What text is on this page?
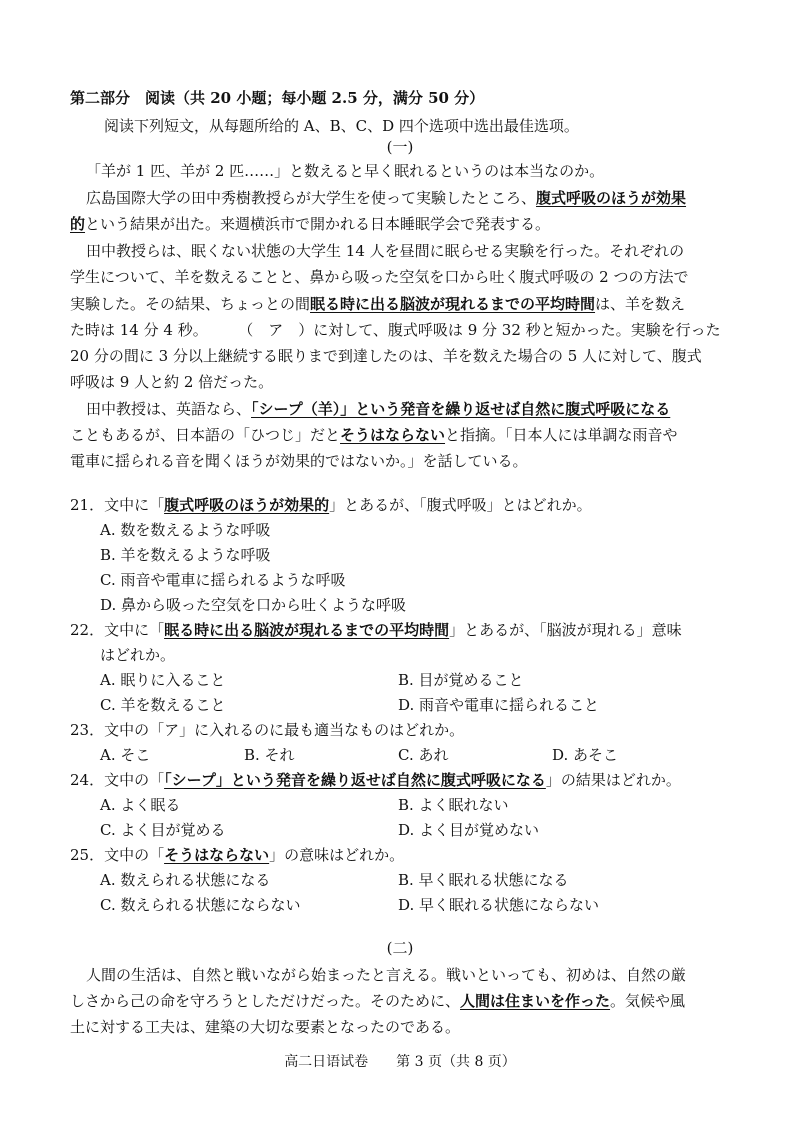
第二部分　阅读（共 20 小题；每小题 2.5 分，满分 50 分）
阅读下列短文，从每题所给的 A、B、C、D 四个选项中选出最佳选项。
(一)
「羊が 1 匹、羊が 2 匹……」と数えると早く眠れるというのは本当なのか。
広島国際大学の田中秀樹教授らが大学生を使って実験したところ、腹式呼吸のほうが効果
的という結果が出た。来週横浜市で開かれる日本睡眠学会で発表する。
田中教授らは、眠くない状態の大学生 14 人を昼間に眠らせる実験を行った。それぞれの
学生について、羊を数えることと、鼻から吸った空気を口から吐く腹式呼吸の 2 つの方法で
実験した。その結果、ちょっとの間眠る時に出る脳波が現れるまでの平均時間は、羊を数え
た時は 14 分 4 秒。	（　ア　）に対して、腹式呼吸は 9 分 32 秒と短かった。実験を行った
20 分の間に 3 分以上継続する眠りまで到達したのは、羊を数えた場合の 5 人に対して、腹式
呼吸は 9 人と約 2 倍だった。
田中教授は、英語なら、「シープ（羊）」という発音を繰り返せば自然に腹式呼吸になる
こともあるが、日本語の「ひつじ」だとそうはならないと指摘。「日本人には単調な雨音や
電車に揺られる音を聞くほうが効果的ではないか。」を話している。
21．文中に「腹式呼吸のほうが効果的」とあるが、「腹式呼吸」とはどれか。
A. 数を数えるような呼吸
B. 羊を数えるような呼吸
C. 雨音や電車に揺られるような呼吸
D. 鼻から吸った空気を口から吐くような呼吸
22．文中に「眠る時に出る脳波が現れるまでの平均時間」とあるが、「脳波が現れる」意味
はどれか。
A. 眠りに入ること	B. 目が覚めること
C. 羊を数えること	D. 雨音や電車に揺られること
23．文中の「ア」に入れるのに最も適当なものはどれか。
A. そこ	B. それ	C. あれ	D. あそこ
24．文中の「「シープ」という発音を繰り返せば自然に腹式呼吸になる」の結果はどれか。
A. よく眠る	B. よく眠れない
C. よく目が覚める	D. よく目が覚めない
25．文中の「そうはならない」の意味はどれか。
A. 数えられる状態になる	B. 早く眠れる状態になる
C. 数えられる状態にならない	D. 早く眠れる状態にならない
(二)
人間の生活は、自然と戦いながら始まったと言える。戦いといっても、初めは、自然の厳
しさから己の命を守ろうとしただけだった。そのために、人間は住まいを作った。気候や風
土に対する工夫は、建築の大切な要素となったのである。
高二日语试卷　　第 3 页（共 8 页）
